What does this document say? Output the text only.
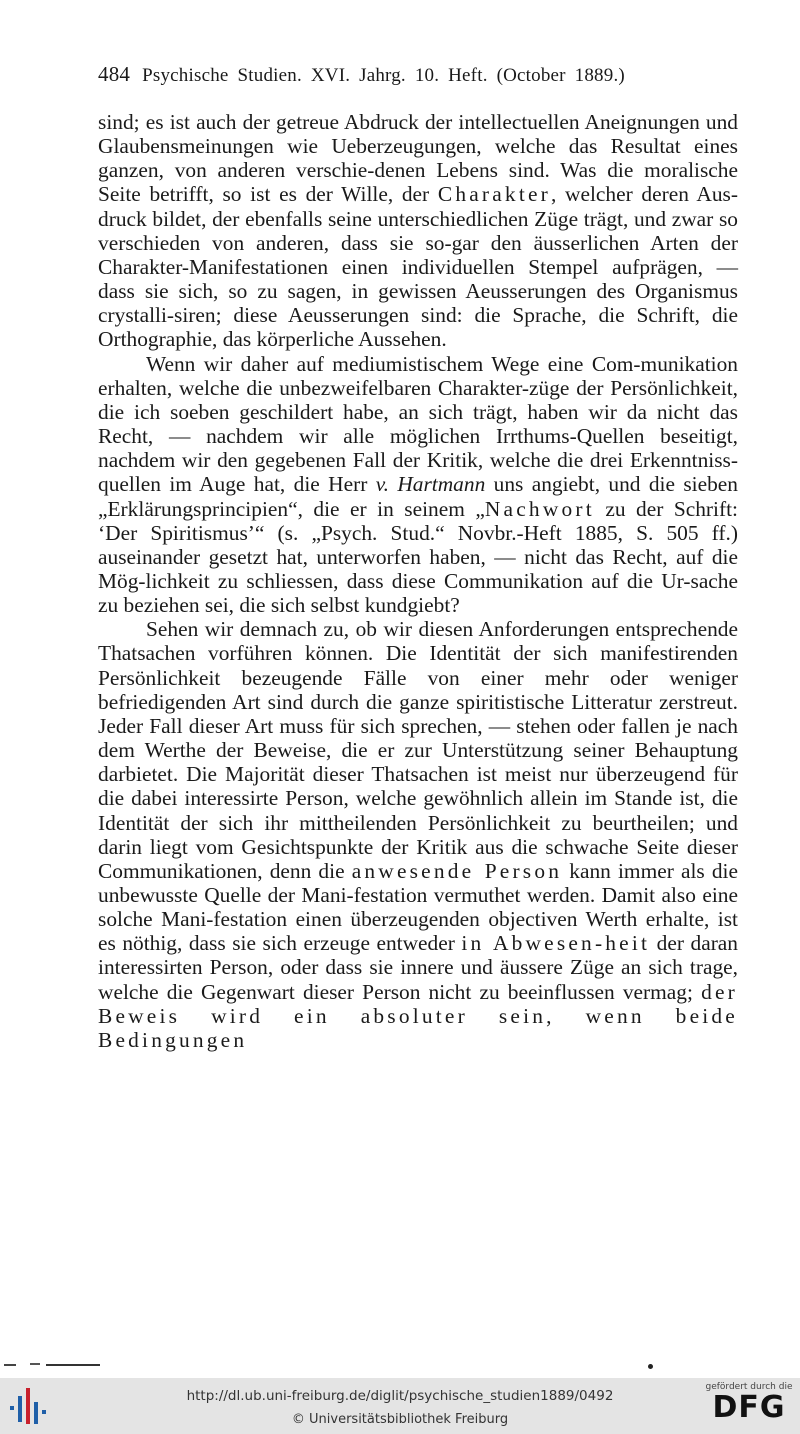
484 Psychische Studien. XVI. Jahrg. 10. Heft. (October 1889.)

sind; es ist auch der getreue Abdruck der intellectuellen Aneignungen und Glaubensmeinungen wie Ueberzeugungen, welche das Resultat eines ganzen, von anderen verschie-denen Lebens sind. Was die moralische Seite betrifft, so ist es der Wille, der Charakter, welcher deren Aus-druck bildet, der ebenfalls seine unterschiedlichen Züge trägt, und zwar so verschieden von anderen, dass sie so-gar den äusserlichen Arten der Charakter-Manifestationen einen individuellen Stempel aufprägen, — dass sie sich, so zu sagen, in gewissen Aeusserungen des Organismus crystalli-siren; diese Aeusserungen sind: die Sprache, die Schrift, die Orthographie, das körperliche Aussehen.

Wenn wir daher auf mediumistischem Wege eine Com-munikation erhalten, welche die unbezweifelbaren Charakter-züge der Persönlichkeit, die ich soeben geschildert habe, an sich trägt, haben wir da nicht das Recht, — nachdem wir alle möglichen Irrthums-Quellen beseitigt, nachdem wir den gegebenen Fall der Kritik, welche die drei Erkenntniss-quellen im Auge hat, die Herr v. Hartmann uns angiebt, und die sieben „Erklärungsprincipien“, die er in seinem „Nachwort zu der Schrift: ‘Der Spiritismus’“ (s. „Psych. Stud.“ Novbr.-Heft 1885, S. 505 ff.) auseinander gesetzt hat, unterworfen haben, — nicht das Recht, auf die Mög-lichkeit zu schliessen, dass diese Communikation auf die Ur-sache zu beziehen sei, die sich selbst kundgiebt?

Sehen wir demnach zu, ob wir diesen Anforderungen entsprechende Thatsachen vorführen können. Die Identität der sich manifestirenden Persönlichkeit bezeugende Fälle von einer mehr oder weniger befriedigenden Art sind durch die ganze spiritistische Litteratur zerstreut. Jeder Fall dieser Art muss für sich sprechen, — stehen oder fallen je nach dem Werthe der Beweise, die er zur Unterstützung seiner Behauptung darbietet. Die Majorität dieser Thatsachen ist meist nur überzeugend für die dabei interessirte Person, welche gewöhnlich allein im Stande ist, die Identität der sich ihr mittheilenden Persönlichkeit zu beurtheilen; und darin liegt vom Gesichtspunkte der Kritik aus die schwache Seite dieser Communikationen, denn die anwesende Person kann immer als die unbewusste Quelle der Mani-festation vermuthet werden. Damit also eine solche Mani-festation einen überzeugenden objectiven Werth erhalte, ist es nöthig, dass sie sich erzeuge entweder in Abwesen-heit der daran interessirten Person, oder dass sie innere und äussere Züge an sich trage, welche die Gegenwart dieser Person nicht zu beeinflussen vermag; der Beweis wird ein absoluter sein, wenn beide Bedingungen

http://dl.ub.uni-freiburg.de/diglit/psychische_studien1889/0492
© Universitätsbibliothek Freiburg
gefördert durch die
DFG
